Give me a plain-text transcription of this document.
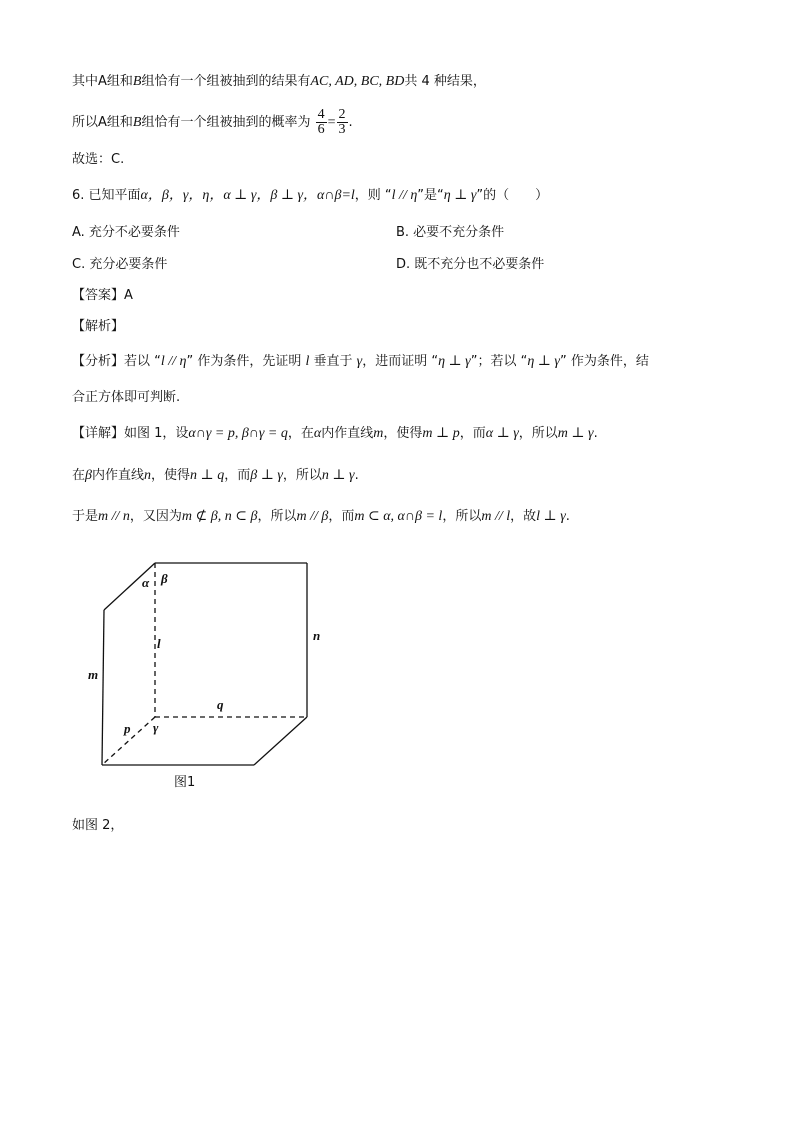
其中A组和B组恰有一个组被抽到的结果有AC, AD, BC, BD共 4 种结果，
所以A组和B组恰有一个组被抽到的概率为 $\frac{4}{6} = \frac{2}{3}$ .
故选：C.
6. 已知平面α，β，γ，η，α ⊥ γ，β ⊥ γ，α∩β=l，则 “l // η”是“η ⊥ γ”的（　　）
A. 充分不必要条件	B. 必要不充分条件
C. 充分必要条件	D. 既不充分也不必要条件
【答案】A
【解析】
【分析】若以 “l // η” 作为条件，先证明 l 垂直于 γ，进而证明 “η ⊥ γ”；若以 “η ⊥ γ” 作为条件，结
合正方体即可判断.
【详解】如图 1，设α∩γ = p, β∩γ = q，在α内作直线m，使得m ⊥ p，而α ⊥ γ，所以m ⊥ γ.
在β内作直线n，使得n ⊥ q，而β ⊥ γ，所以n ⊥ γ.
于是m // n，又因为m ⊄ β, n ⊂ β，所以m // β，而m ⊂ α, α∩β = l，所以m // l，故l ⊥ γ.
α β
l
n
m
q
p γ
图1
如图 2，
